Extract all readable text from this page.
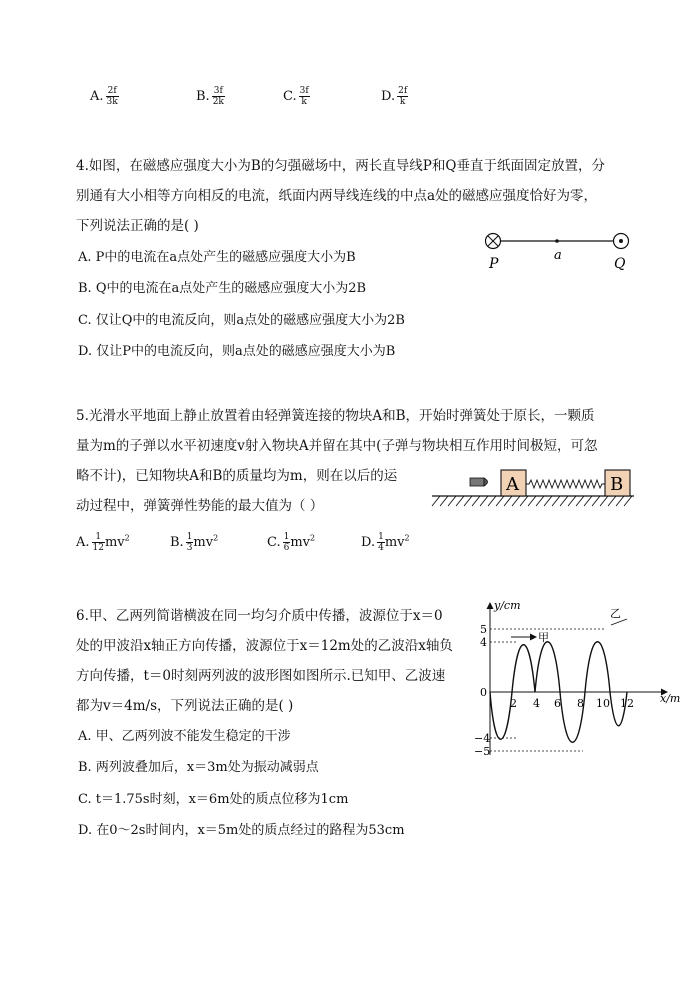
A. $\frac{2f}{3k}$	B. $\frac{3f}{2k}$	C. $\frac{3f}{k}$	D. $\frac{2f}{k}$
4.如图，在磁感应强度大小为B的匀强磁场中，两长直导线P和Q垂直于纸面固定放置，分
别通有大小相等方向相反的电流，纸面内两导线连线的中点a处的磁感应强度恰好为零，
下列说法正确的是( )
A. P中的电流在a点处产生的磁感应强度大小为B
B. Q中的电流在a点处产生的磁感应强度大小为2B
C. 仅让Q中的电流反向，则a点处的磁感应强度大小为2B
D. 仅让P中的电流反向，则a点处的磁感应强度大小为B
P
a
Q
5.光滑水平地面上静止放置着由轻弹簧连接的物块A和B，开始时弹簧处于原长，一颗质
量为m的子弹以水平初速度v射入物块A并留在其中(子弹与物块相互作用时间极短，可忽
略不计)，已知物块A和B的质量均为m，则在以后的运
动过程中，弹簧弹性势能的最大值为（ ）
A. $\frac{1}{12} mv^2$	B. $\frac{1}{3} mv^2$	C. $\frac{1}{6} mv^2$	D. $\frac{1}{4} mv^2$
A	B
6.甲、乙两列简谐横波在同一均匀介质中传播，波源位于x＝0
处的甲波沿x轴正方向传播，波源位于x＝12m处的乙波沿x轴负
方向传播，t＝0时刻两列波的波形图如图所示.已知甲、乙波速
都为v＝4m/s，下列说法正确的是( )
A. 甲、乙两列波不能发生稳定的干涉
B. 两列波叠加后，x＝3m处为振动减弱点
C. t＝1.75s时刻，x＝6m处的质点位移为1cm
D. 在0～2s时间内，x＝5m处的质点经过的路程为53cm
y/cm
x/m
0
5
4
−4
−5
2 4 6 8 10 12
甲
乙
